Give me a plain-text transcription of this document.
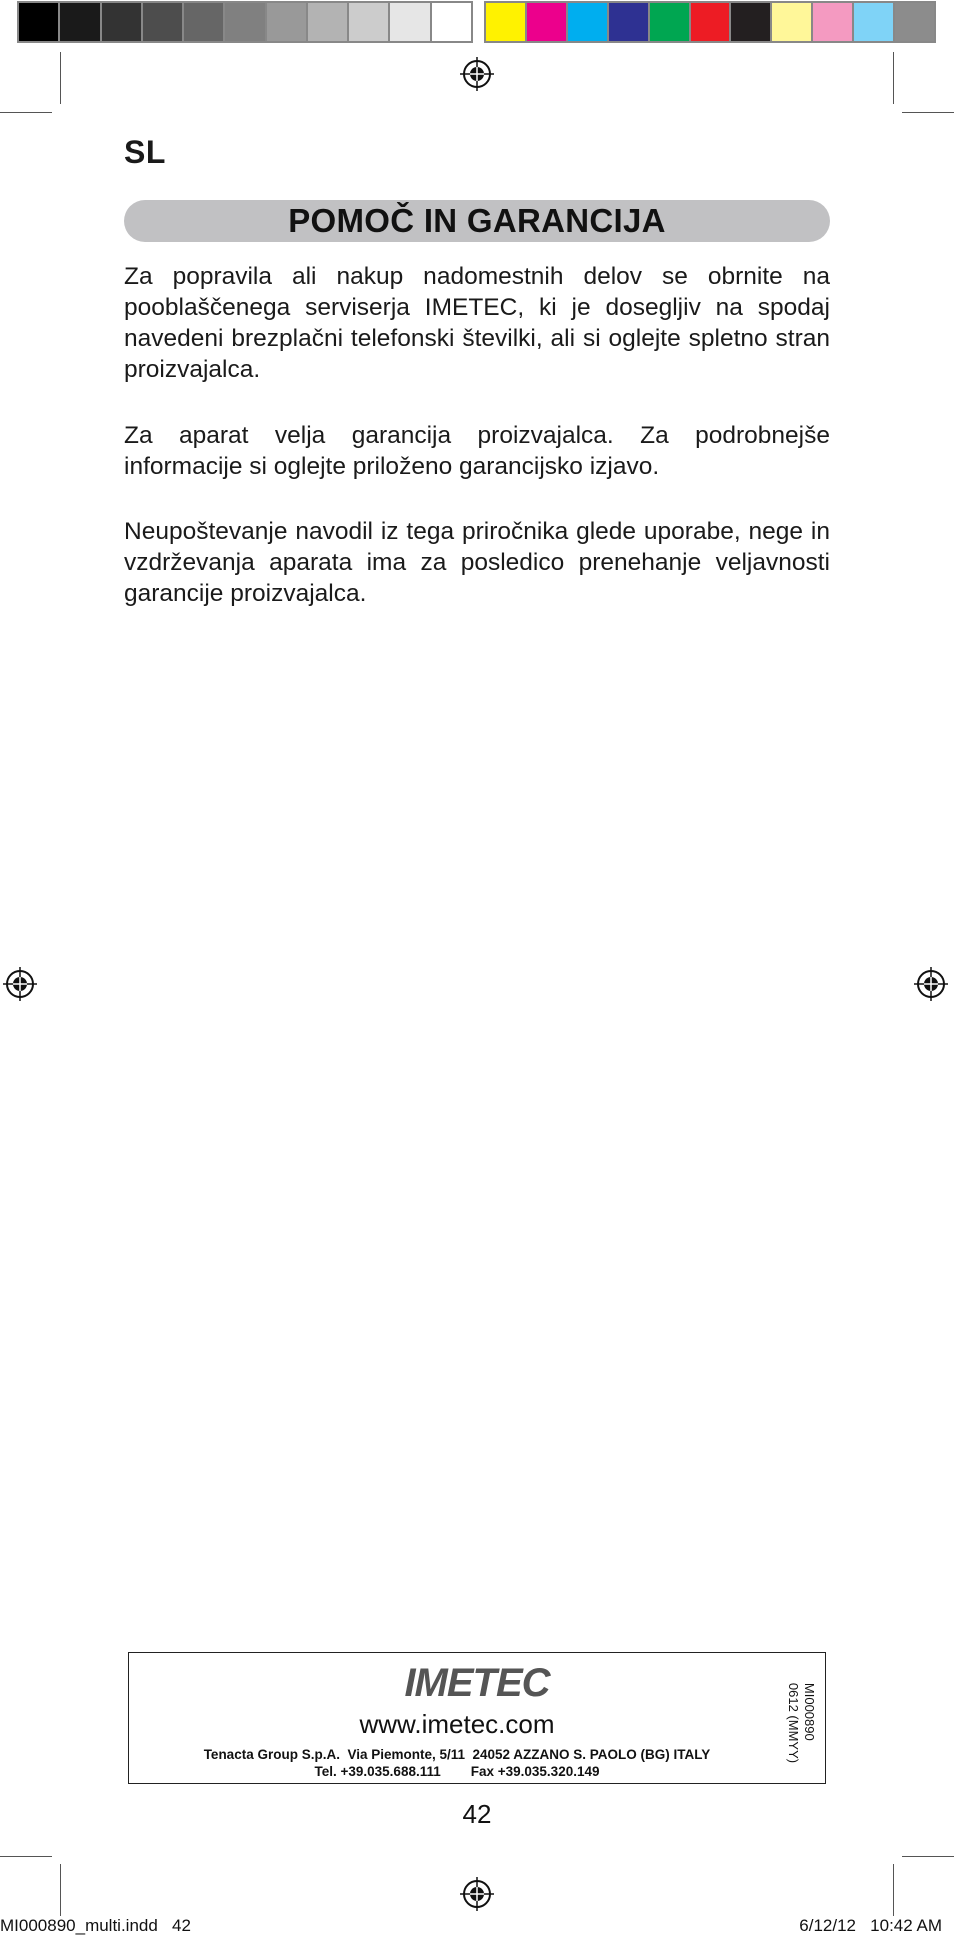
SL
POMOČ IN GARANCIJA
Za popravila ali nakup nadomestnih delov se obrnite na pooblaščenega serviserja IMETEC, ki je dosegljiv na spodaj navedeni brezplačni telefonski številki, ali si oglejte spletno stran proizvajalca.
Za aparat velja garancija proizvajalca. Za podrobnejše informacije si oglejte priloženo garancijsko izjavo.
Neupoštevanje navodil iz tega priročnika glede uporabe, nege in vzdrževanja aparata ima za posledico prenehanje veljavnosti garancije proizvajalca.
IMETEC
www.imetec.com
Tenacta Group S.p.A.  Via Piemonte, 5/11  24052 AZZANO S. PAOLO (BG) ITALY
Tel. +39.035.688.111        Fax +39.035.320.149
MI000890
0612 (MMYY)
42
MI000890_multi.indd   42	6/12/12   10:42 AM
